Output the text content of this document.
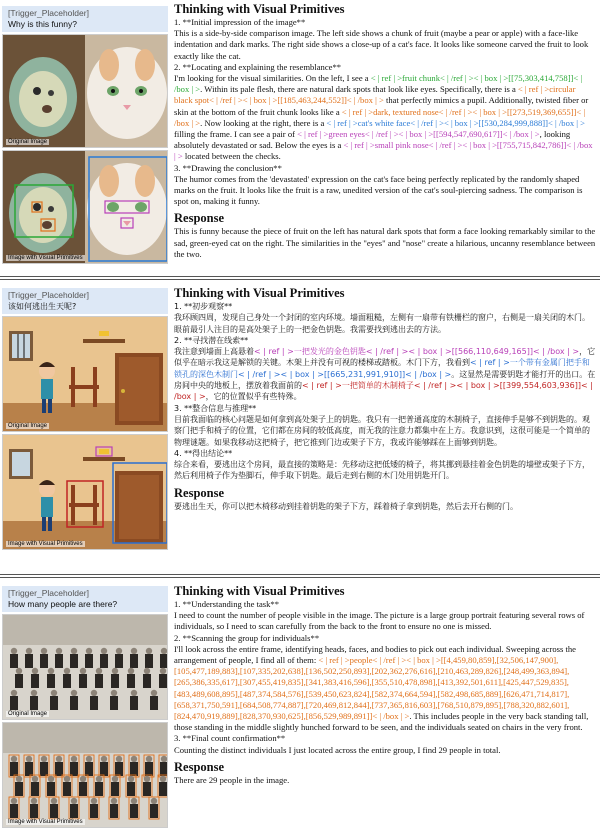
[Trigger_Placeholder]
Why is this funny?
Original Image
Image with Visual Primitives
Thinking with Visual Primitives

1. **Initial impression of the image**

This is a side-by-side comparison image. The left side shows a chunk of fruit (maybe a pear or apple) with a face-like indentation and dark marks. The right side shows a close-up of a cat's face. It looks like someone carved the fruit to look exactly like the cat.

2. **Locating and explaining the resemblance**

I'm looking for the visual similarities. On the left, I see a < | ref | >fruit chunk< | /ref | >< | box | >[[75,303,414,758]]< | /box | >. Within its pale flesh, there are natural dark spots that look like eyes. Specifically, there is a < | ref | >circular black spot< | /ref | >< | box | >[[185,463,244,552]]< | /box | > that perfectly mimics a pupil. Additionally, twisted fiber or skin at the bottom of the fruit chunk looks like a < | ref | >dark, textured nose< | /ref | >< | box | >[[273,519,369,655]]< | /box | >. Now looking at the right, there is a < | ref | >cat's white face< | /ref | >< | box | >[[530,284,999,888]]< | /box | > filling the frame. I can see a pair of < | ref | >green eyes< | /ref | >< | box | >[[594,547,690,617]]< | /box | >, looking absolutely devastated or sad. Below the eyes is a < | ref | >small pink nose< | /ref | >< | box | >[[755,715,842,786]]< | /box | > located between the checks.

3. **Drawing the conclusion**

The humor comes from the 'devastated' expression on the cat's face being perfectly replicated by the randomly shaped marks on the fruit. It looks like the fruit is a raw, unedited version of the cat's soul-piercing sadness. The comparison is spot on, making it funny.

Response

This is funny because the piece of fruit on the left has natural dark spots that form a face looking remarkably similar to the sad, green-eyed cat on the right. The similarities in the "eyes" and "nose" create a hilarious, uncanny resemblance between the two.

[Trigger_Placeholder]
该如何逃出生天呢?
Original Image
Image with Visual Primitives
Thinking with Visual Primitives

1. **初步观察**

我环顾四周，发现自己身处一个封闭的室内环境。墙面粗糙，左侧有一扇带有铁栅栏的窗户，右侧是一扇关闭的木门。眼前最引人注目的是高处架子上的一把金色钥匙。我需要找到逃出去的方法。

2. **寻找潜在线索**

我注意到墙面上高悬着< | ref | >一把发光的金色钥匙< | /ref | >< | box | >[[566,110,649,165]]< | /box | >，它似乎在暗示我这是解锁的关键。木架上并没有可视的楼梯或踏板。木门下方，我看到< | ref | >一个带有金属门把手和锁孔的深色木制门< | /ref | >< | box | >[[665,231,991,910]]< | /box | >。这显然是需要钥匙才能打开的出口。在房间中央的地板上，摆放着我面前的< | ref | >一把简单的木制椅子< | /ref | >< | box | >[[399,554,603,936]]< | /box | >，它的位置似乎有些特殊。

3. **整合信息与推理**

目前我面临的核心问题是如何拿到高处架子上的钥匙。我只有一把普通高度的木制椅子，直接伸手是够不到钥匙的。观察门把手和椅子的位置，它们都在房间的较低高度，而无我的注意力都集中在上方。我意识到，这很可能是一个简单的物理谜题。如果我移动这把椅子，把它推到门边或架子下方，我或许能够踩在上面够到钥匙。

4. **得出结论**

综合来看，要逃出这个房间，最直接的策略是：先移动这把低矮的椅子，将其挪到悬挂着金色钥匙的墙壁或架子下方，然后利用椅子作为垫脚石，伸手取下钥匙。最后走到右侧的木门处用钥匙开门。

Response

要逃出生天，你可以把木椅移动到挂着钥匙的架子下方，踩着椅子拿到钥匙，然后去开右侧的门。

[Trigger_Placeholder]
How many people are there?
Original Image
Image with Visual Primitives
Thinking with Visual Primitives

1. **Understanding the task**

I need to count the number of people visible in the image. The picture is a large group portrait featuring several rows of individuals, so I need to scan carefully from the back to the front to ensure no one is missed.

2. **Scanning the group for individuals**

I'll look across the entire frame, identifying heads, faces, and bodies to pick out each individual. Sweeping across the arrangement of people, I find all of them: < | ref | >people< | /ref | >< | box | >[[4,459,80,859],[32,506,147,900],[105,477,189,883],[107,335,202,638],[136,502,250,893],[202,362,276,616],[210,463,289,826],[248,499,363,894],[265,386,335,617],[307,455,419,835],[341,383,416,596],[355,510,478,898],[413,392,501,611],[425,447,529,835],[483,489,608,895],[487,374,584,576],[539,450,623,824],[582,374,664,594],[582,498,685,889],[626,471,714,817],[658,371,750,591],[684,508,774,887],[720,469,812,844],[737,365,816,603],[768,510,879,895],[788,320,882,601],[824,470,919,889],[828,370,930,625],[856,529,989,891]]< | /box | >. This includes people in the very back standing tall, those standing in the middle slightly hunched forward to be seen, and the individuals seated on chairs in the very front.

3. **Final count confirmation**

Counting the distinct individuals I just located across the entire group, I find 29 people in total.

Response

There are 29 people in the image.
